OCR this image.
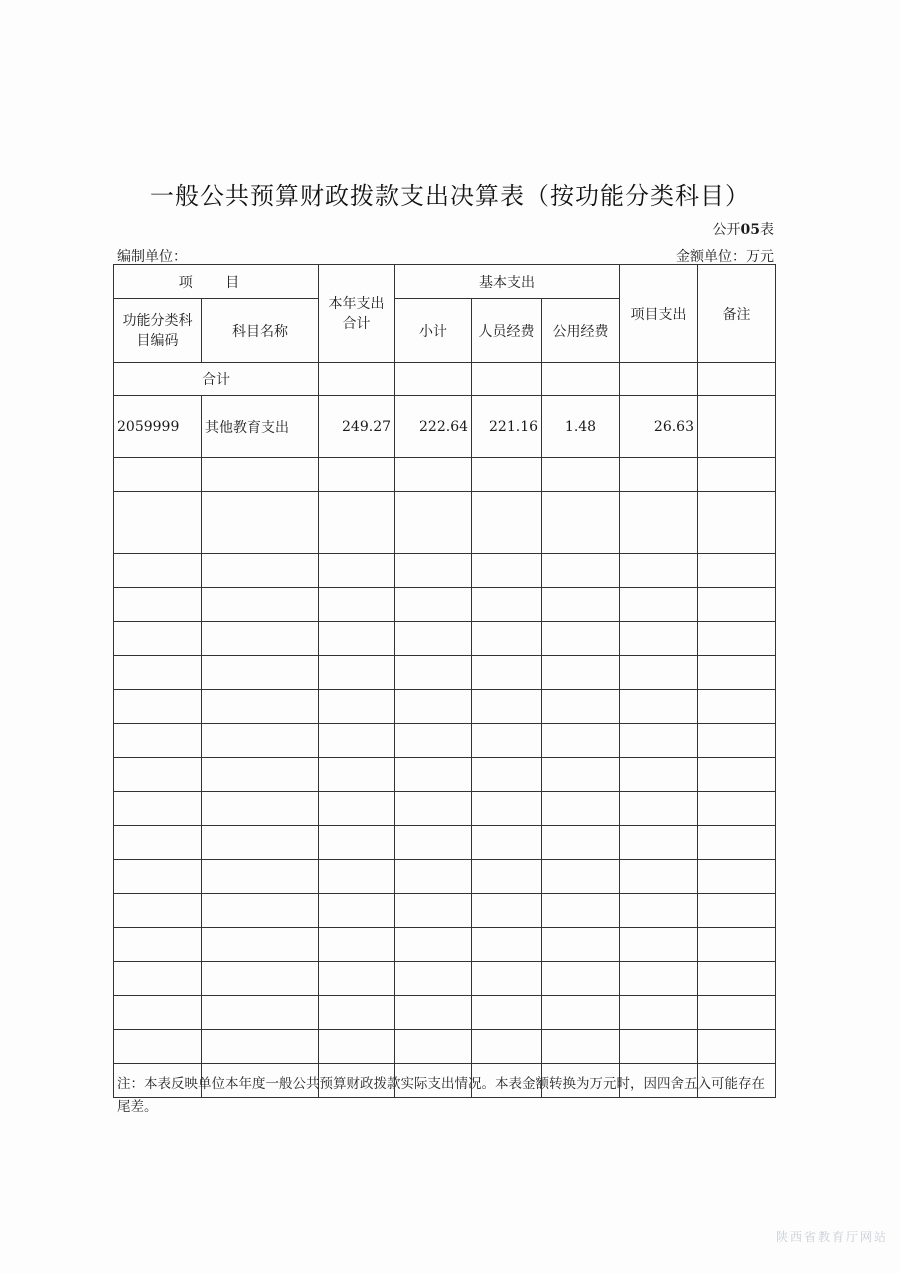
一般公共预算财政拨款支出决算表（按功能分类科目）
公开05表
编制单位：	金额单位：万元
项 目		本年支出合计	基本支出			项目支出	备注
功能分类科目编码	科目名称		小计	人员经费	公用经费		
合计							
2059999	其他教育支出	249.27	222.64	221.16	1.48	26.63	

注：本表反映单位本年度一般公共预算财政拨款实际支出情况。本表金额转换为万元时，因四舍五入可能存在尾差。
陕西省教育厅网站
